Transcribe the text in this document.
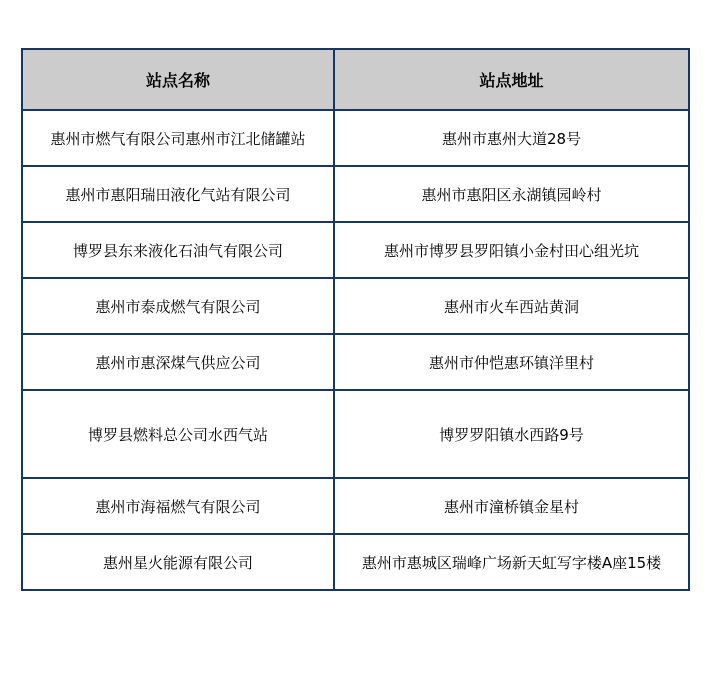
站点名称	站点地址
惠州市燃气有限公司惠州市江北储罐站	惠州市惠州大道28号
惠州市惠阳瑞田液化气站有限公司	惠州市惠阳区永湖镇园岭村
博罗县东来液化石油气有限公司	惠州市博罗县罗阳镇小金村田心组光坑
惠州市泰成燃气有限公司	惠州市火车西站黄洞
惠州市惠深煤气供应公司	惠州市仲恺惠环镇洋里村
博罗县燃料总公司水西气站	博罗罗阳镇水西路9号
惠州市海福燃气有限公司	惠州市潼桥镇金星村
惠州星火能源有限公司	惠州市惠城区瑞峰广场新天虹写字楼A座15楼
